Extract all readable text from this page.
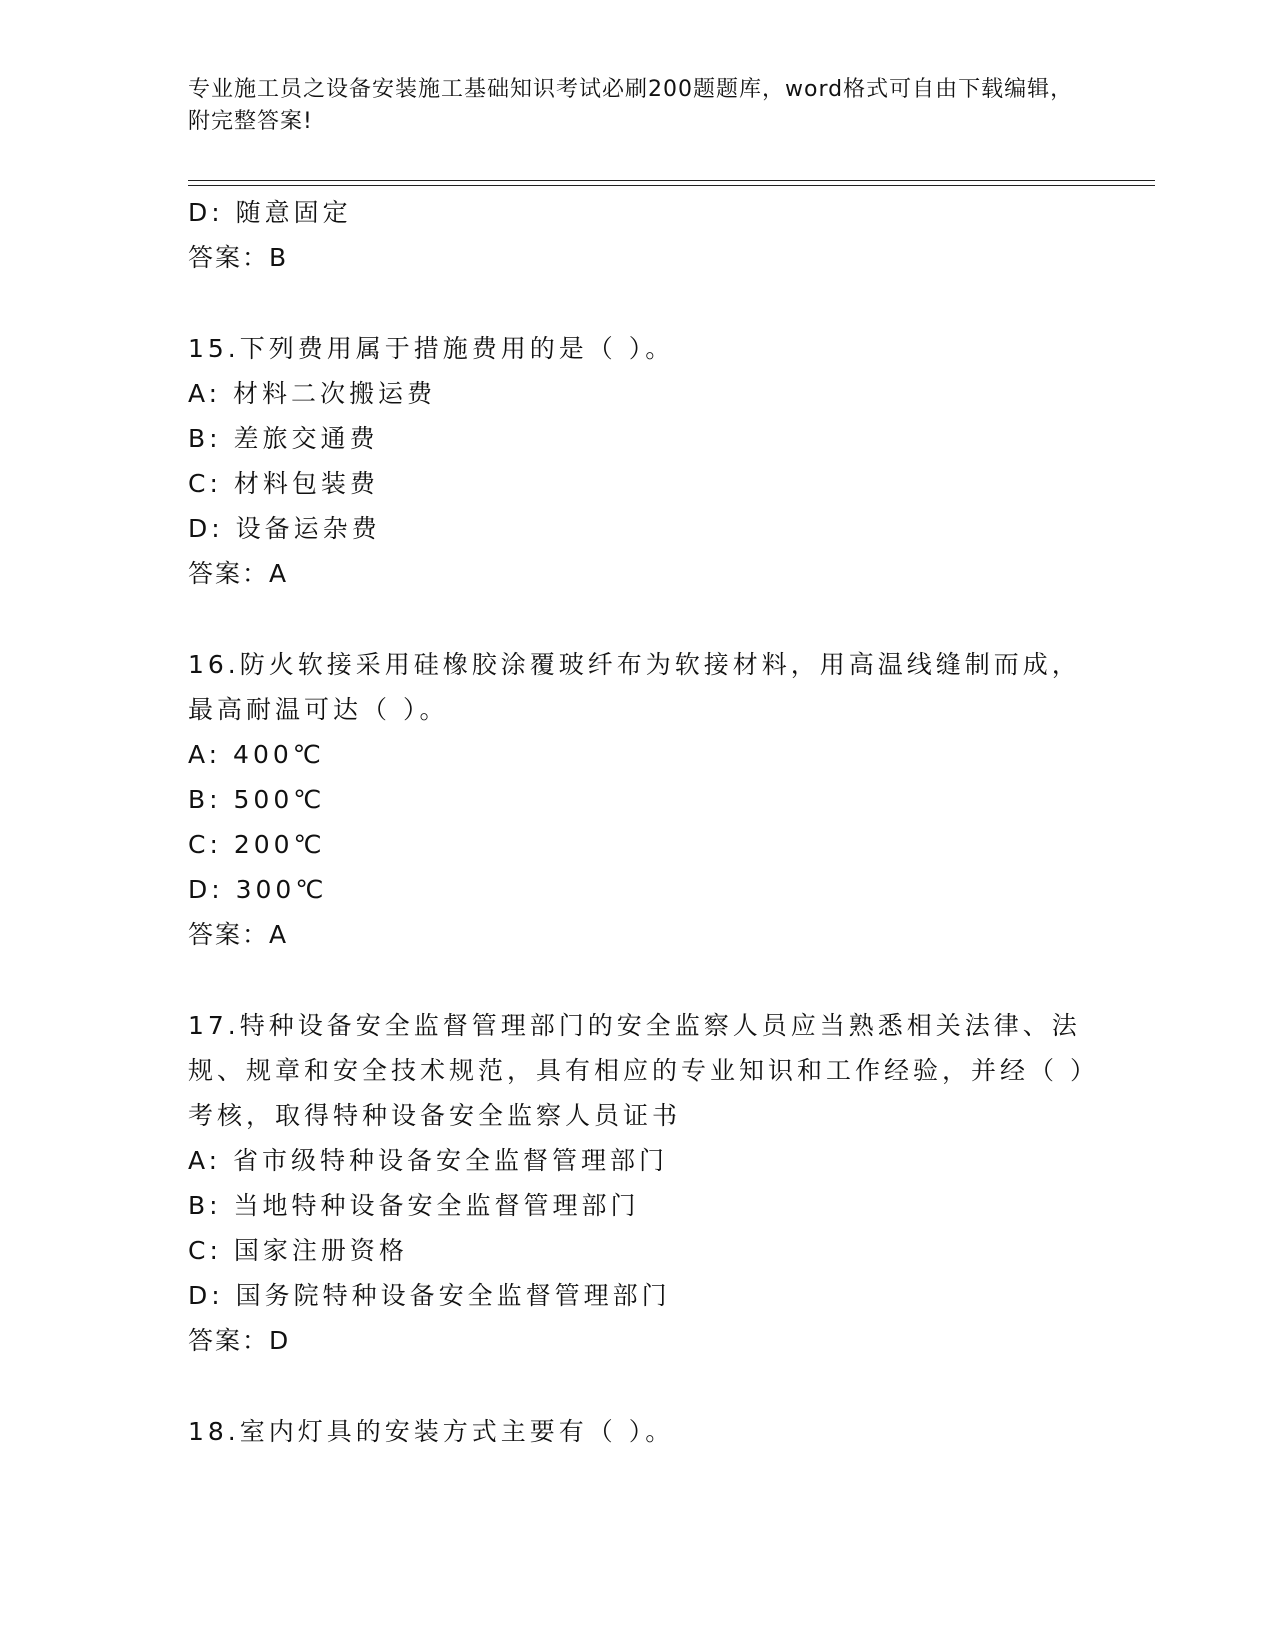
专业施工员之设备安装施工基础知识考试必刷200题题库，word格式可自由下载编辑，附完整答案!
D: 随意固定
答案：B
15.下列费用属于措施费用的是（ ）。
A: 材料二次搬运费
B: 差旅交通费
C: 材料包装费
D: 设备运杂费
答案：A
16.防火软接采用硅橡胶涂覆玻纤布为软接材料，用高温线缝制而成，最高耐温可达（ ）。
A: 400℃
B: 500℃
C: 200℃
D: 300℃
答案：A
17.特种设备安全监督管理部门的安全监察人员应当熟悉相关法律、法规、规章和安全技术规范，具有相应的专业知识和工作经验，并经（ ）考核，取得特种设备安全监察人员证书
A: 省市级特种设备安全监督管理部门
B: 当地特种设备安全监督管理部门
C: 国家注册资格
D: 国务院特种设备安全监督管理部门
答案：D
18.室内灯具的安装方式主要有（ ）。
